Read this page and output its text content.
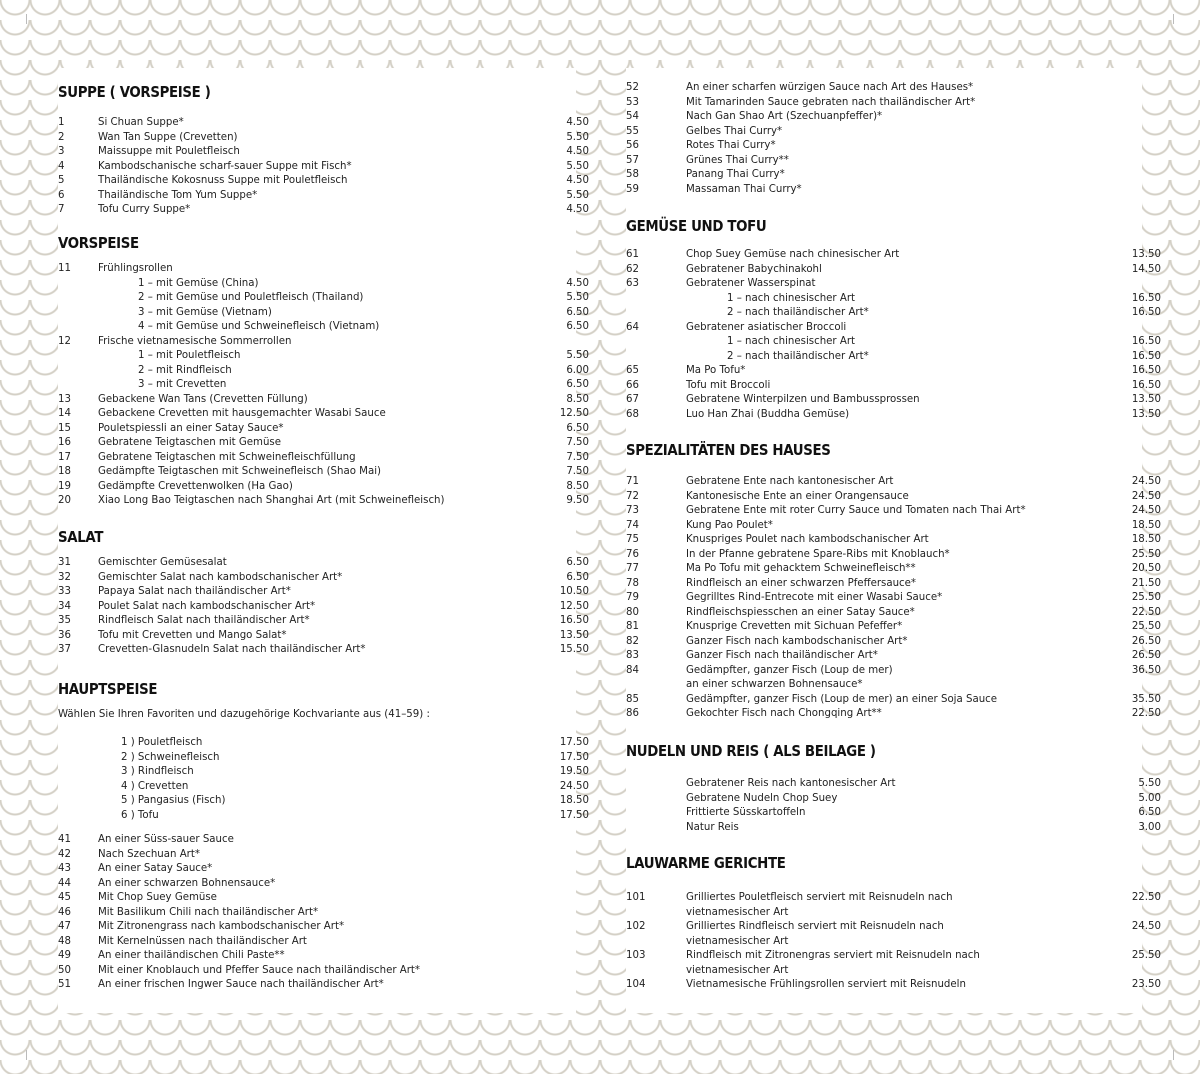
SUPPE ( VORSPEISE )
1	Si Chuan Suppe*	4.50
2	Wan Tan Suppe (Crevetten)	5.50
3	Maissuppe mit Pouletfleisch	4.50
4	Kambodschanische scharf-sauer Suppe mit Fisch*	5.50
5	Thailändische Kokosnuss Suppe mit Pouletfleisch	4.50
6	Thailändische Tom Yum Suppe*	5.50
7	Tofu Curry Suppe*	4.50
VORSPEISE
11	Frühlingsrollen
1 – mit Gemüse (China)	4.50
2 – mit Gemüse und Pouletfleisch (Thailand)	5.50
3 – mit Gemüse (Vietnam)	6.50
4 – mit Gemüse und Schweinefleisch (Vietnam)	6.50
12	Frische vietnamesische Sommerrollen
1 – mit Pouletfleisch	5.50
2 – mit Rindfleisch	6.00
3 – mit Crevetten	6.50
13	Gebackene Wan Tans (Crevetten Füllung)	8.50
14	Gebackene Crevetten mit hausgemachter Wasabi Sauce	12.50
15	Pouletspiessli an einer Satay Sauce*	6.50
16	Gebratene Teigtaschen mit Gemüse	7.50
17	Gebratene Teigtaschen mit Schweinefleischfüllung	7.50
18	Gedämpfte Teigtaschen mit Schweinefleisch (Shao Mai)	7.50
19	Gedämpfte Crevettenwolken (Ha Gao)	8.50
20	Xiao Long Bao Teigtaschen nach Shanghai Art (mit Schweinefleisch)	9.50
SALAT
31	Gemischter Gemüsesalat	6.50
32	Gemischter Salat nach kambodschanischer Art*	6.50
33	Papaya Salat nach thailändischer Art*	10.50
34	Poulet Salat nach kambodschanischer Art*	12.50
35	Rindfleisch Salat nach thailändischer Art*	16.50
36	Tofu mit Crevetten und Mango Salat*	13.50
37	Crevetten-Glasnudeln Salat nach thailändischer Art*	15.50
HAUPTSPEISE
Wählen Sie Ihren Favoriten und dazugehörige Kochvariante aus (41–59) :
1 ) Pouletfleisch	17.50
2 ) Schweinefleisch	17.50
3 ) Rindfleisch	19.50
4 ) Crevetten	24.50
5 ) Pangasius (Fisch)	18.50
6 ) Tofu	17.50
41	An einer Süss-sauer Sauce
42	Nach Szechuan Art*
43	An einer Satay Sauce*
44	An einer schwarzen Bohnensauce*
45	Mit Chop Suey Gemüse
46	Mit Basilikum Chili nach thailändischer Art*
47	Mit Zitronengrass nach kambodschanischer Art*
48	Mit Kernelnüssen nach thailändischer Art
49	An einer thailändischen Chili Paste**
50	Mit einer Knoblauch und Pfeffer Sauce nach thailändischer Art*
51	An einer frischen Ingwer Sauce nach thailändischer Art*
52	An einer scharfen würzigen Sauce nach Art des Hauses*
53	Mit Tamarinden Sauce gebraten nach thailändischer Art*
54	Nach Gan Shao Art (Szechuanpfeffer)*
55	Gelbes Thai Curry*
56	Rotes Thai Curry*
57	Grünes Thai Curry**
58	Panang Thai Curry*
59	Massaman Thai Curry*
GEMÜSE UND TOFU
61	Chop Suey Gemüse nach chinesischer Art	13.50
62	Gebratener Babychinakohl	14.50
63	Gebratener Wasserspinat
1 – nach chinesischer Art	16.50
2 – nach thailändischer Art*	16.50
64	Gebratener asiatischer Broccoli
1 – nach chinesischer Art	16.50
2 – nach thailändischer Art*	16.50
65	Ma Po Tofu*	16.50
66	Tofu mit Broccoli	16.50
67	Gebratene Winterpilzen und Bambussprossen	13.50
68	Luo Han Zhai (Buddha Gemüse)	13.50
SPEZIALITÄTEN DES HAUSES
71	Gebratene Ente nach kantonesischer Art	24.50
72	Kantonesische Ente an einer Orangensauce	24.50
73	Gebratene Ente mit roter Curry Sauce und Tomaten nach Thai Art*	24.50
74	Kung Pao Poulet*	18.50
75	Knuspriges Poulet nach kambodschanischer Art	18.50
76	In der Pfanne gebratene Spare-Ribs mit Knoblauch*	25.50
77	Ma Po Tofu mit gehacktem Schweinefleisch**	20.50
78	Rindfleisch an einer schwarzen Pfeffersauce*	21.50
79	Gegrilltes Rind-Entrecote mit einer Wasabi Sauce*	25.50
80	Rindfleischspiesschen an einer Satay Sauce*	22.50
81	Knusprige Crevetten mit Sichuan Pefeffer*	25.50
82	Ganzer Fisch nach kambodschanischer Art*	26.50
83	Ganzer Fisch nach thailändischer Art*	26.50
84	Gedämpfter, ganzer Fisch (Loup de mer)	36.50
an einer schwarzen Bohnensauce*
85	Gedämpfter, ganzer Fisch (Loup de mer) an einer Soja Sauce	35.50
86	Gekochter Fisch nach Chongqing Art**	22.50
NUDELN UND REIS ( ALS BEILAGE )
Gebratener Reis nach kantonesischer Art	5.50
Gebratene Nudeln Chop Suey	5.00
Frittierte Süsskartoffeln	6.50
Natur Reis	3.00
LAUWARME GERICHTE
101	Grilliertes Pouletfleisch serviert mit Reisnudeln nach	22.50
vietnamesischer Art
102	Grilliertes Rindfleisch serviert mit Reisnudeln nach	24.50
vietnamesischer Art
103	Rindfleisch mit Zitronengras serviert mit Reisnudeln nach	25.50
vietnamesischer Art
104	Vietnamesische Frühlingsrollen serviert mit Reisnudeln	23.50
